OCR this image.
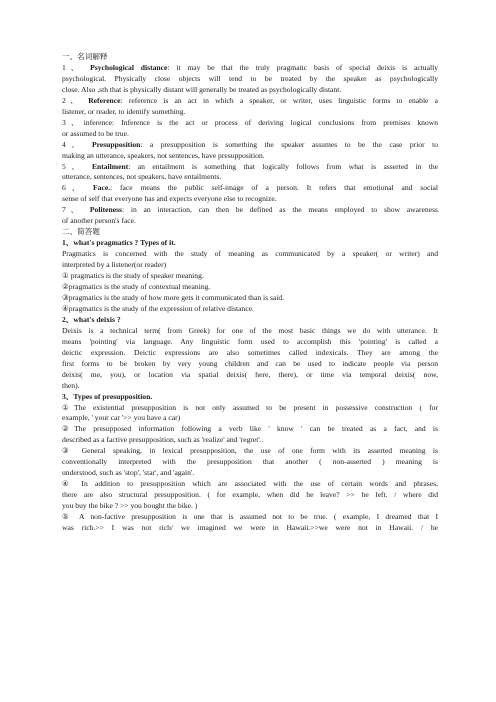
一、名词解释
1、 Psychological distance: it may be that the truly pragmatic basis of special deixis is actually
psychological. Physically close objects will tend to be treated by the speaker as psychologically
close. Also ,sth that is physically distant will generally be treated as psychologically distant.
2、 Reference: reference is an act in which a speaker, or writer, uses linguistic forms to enable a
listener, or reader, to identify something.
3、inference: Inference is the act or process of deriving logical conclusions from premises known
or assumed to be true.
4、 Presupposition: a presupposition is something the speaker assumes to be the case prior to
making an utterance, speakers, not sentences, have presupposition.
5、 Entailment: an entailment is something that logically follows from what is asserted in the
utterance, sentences, not speakers, have entailments.
6、 Face.: face means the public self-image of a person. It refers that emotional and social
sense of self that everyone has and expects everyone else to recognize.
7、 Politeness: in an interaction, can then be defined as the means employed to show awareness
of another person's face.
二、简答题
1、what's pragmatics ? Types of it.
Pragmatics is concerned with the study of meaning as communicated by a speaker( or writer) and
interpreted by a listener(or reader)
① pragmatics is the study of speaker meaning.
②pragmatics is the study of contextual meaning.
③pragmatics is the study of how more gets it communicated than is said.
④pragmatics is the study of the expression of relative distance.
2、what's deixis ?
Deixis is a technical term( from Greek) for one of the most basic things we do with utterance. It
means 'pointing' via language. Any linguistic form used to accomplish this 'pointing' is called a
deictic expression. Deictic expressions are also sometimes called indexicals. They are among the
first forms to be broken by very young children and can be used to indicate people via person
deixis( me, you), or location via spatial deixis( here, there), or time via temporal deixis( now,
then).
3、Types of presupposition.
①The existential presupposition is not only assumed to be present in possessive construction ( for
example, ' your car '>> you have a car)
②The presupposed information following a verb like ' know ' can be treated as a fact, and is
described as a factive presupposition, such as 'realize' and 'regret'..
③ General speaking, in lexical presupposition, the use of one form with its asserted meaning is
conventionally interpreted with the presupposition that another ( non-asserted ) meaning is
understood, such as 'stop', 'star', and 'again'.
④ In addition to presupposition which are associated with the use of certain words and phrases,
there are also structural presupposition. ( for example, when did he leave? >> he left. / where did
you buy the bike ? >> you bought the bike. )
⑤ A non-factive presupposition is one that is assumed not to be true. ( example, I dreamed that I
was rich.>> I was not rich/ we imagined we were in Hawaii.>>we were not in Hawaii. / he
